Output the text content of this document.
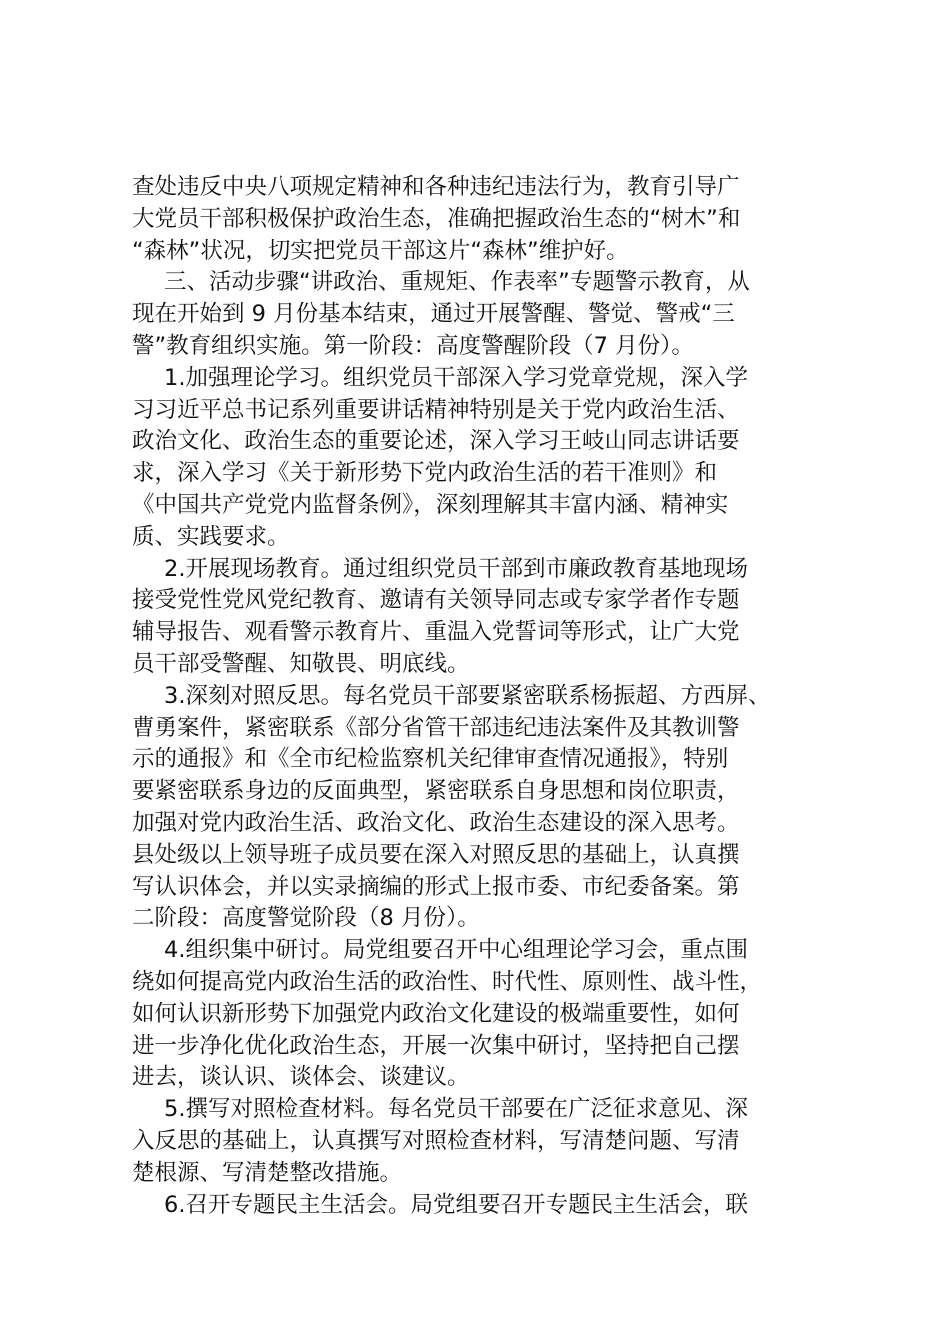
查处违反中央八项规定精神和各种违纪违法行为，教育引导广
大党员干部积极保护政治生态，准确把握政治生态的“树木”和
“森林”状况，切实把党员干部这片“森林”维护好。

三、活动步骤“讲政治、重规矩、作表率”专题警示教育，从
现在开始到 9 月份基本结束，通过开展警醒、警觉、警戒“三
警”教育组织实施。第一阶段：高度警醒阶段（7 月份）。

1.加强理论学习。组织党员干部深入学习党章党规，深入学
习习近平总书记系列重要讲话精神特别是关于党内政治生活、
政治文化、政治生态的重要论述，深入学习王岐山同志讲话要
求，深入学习《关于新形势下党内政治生活的若干准则》和
《中国共产党党内监督条例》，深刻理解其丰富内涵、精神实
质、实践要求。

2.开展现场教育。通过组织党员干部到市廉政教育基地现场
接受党性党风党纪教育、邀请有关领导同志或专家学者作专题
辅导报告、观看警示教育片、重温入党誓词等形式，让广大党
员干部受警醒、知敬畏、明底线。

3.深刻对照反思。每名党员干部要紧密联系杨振超、方西屏、
曹勇案件，紧密联系《部分省管干部违纪违法案件及其教训警
示的通报》和《全市纪检监察机关纪律审查情况通报》，特别
要紧密联系身边的反面典型，紧密联系自身思想和岗位职责，
加强对党内政治生活、政治文化、政治生态建设的深入思考。
县处级以上领导班子成员要在深入对照反思的基础上，认真撰
写认识体会，并以实录摘编的形式上报市委、市纪委备案。第
二阶段：高度警觉阶段（8 月份）。

4.组织集中研讨。局党组要召开中心组理论学习会，重点围
绕如何提高党内政治生活的政治性、时代性、原则性、战斗性，
如何认识新形势下加强党内政治文化建设的极端重要性，如何
进一步净化优化政治生态，开展一次集中研讨，坚持把自己摆
进去，谈认识、谈体会、谈建议。

5.撰写对照检查材料。每名党员干部要在广泛征求意见、深
入反思的基础上，认真撰写对照检查材料，写清楚问题、写清
楚根源、写清楚整改措施。

6.召开专题民主生活会。局党组要召开专题民主生活会，联
